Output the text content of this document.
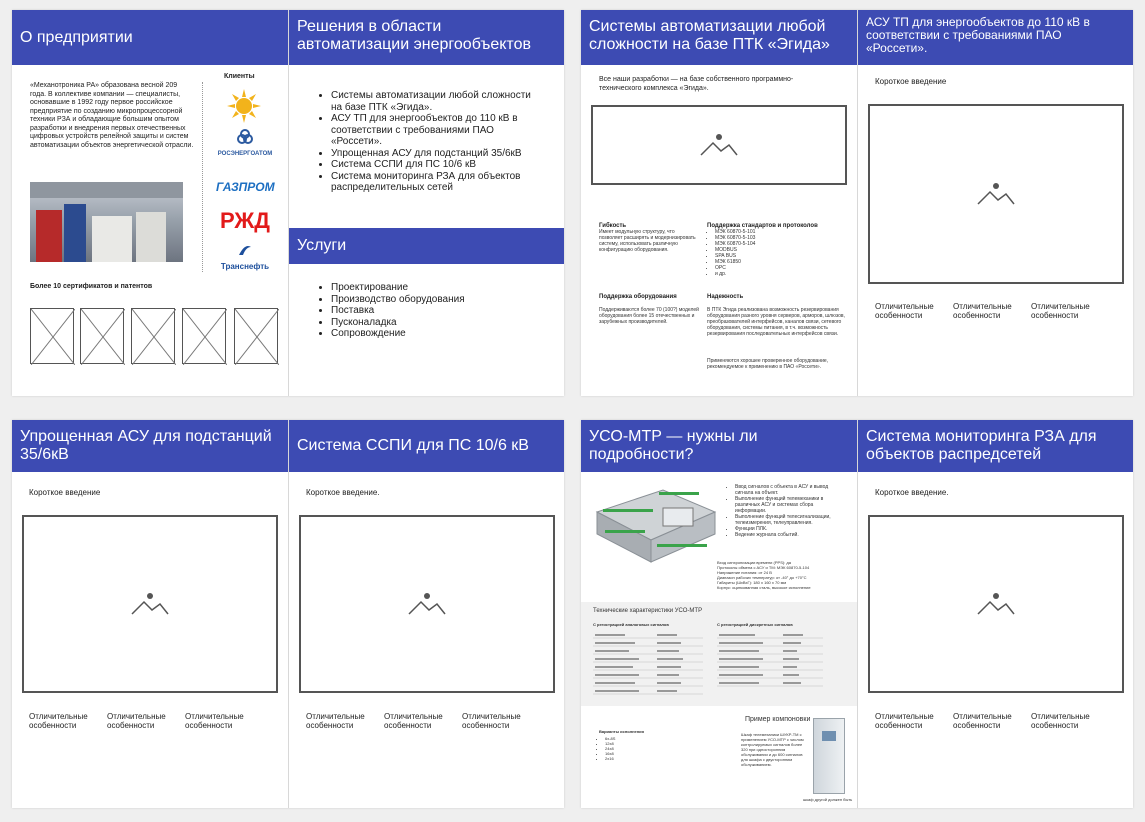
О предприятии
«Механотроника РА» образована весной 209 года. В коллективе компании — специалисты, основавшие в 1992 году первое российское предприятие по созданию микропроцессорной техники РЗА и обладающие большим опытом разработки и внедрения первых отечественных цифровых устройств релейной защиты и систем автоматизации объектов энергетической отрасли.
Клиенты
РОСЭНЕРГОАТОМ
ГАЗПРОМ
РЖД
Транснефть
Более 10 сертификатов и патентов
Решения в области автоматизации энергообъектов
• Системы автоматизации любой сложности на базе ПТК «Эгида».
• АСУ ТП для энергообъектов до 110 кВ в соответствии с требованиями ПАО «Россети».
• Упрощенная АСУ для подстанций 35/6кВ
• Система ССПИ для ПС 10/6 кВ
• Система мониторинга РЗА для объектов распределительных сетей
Услуги
• Проектирование
• Производство оборудования
• Поставка
• Пусконаладка
• Сопровождение
Системы автоматизации любой сложности на базе ПТК «Эгида»
Все наши разработки — на базе собственного программно-технического комплекса «Эгида».
Гибкость
Имеет модульную структуру, что позволяет расширять и модернизировать систему, использовать различную конфигурацию оборудования.
Поддержка стандартов и протоколов
• МЭК 60870-5-101
• МЭК 60870-5-103
• МЭК 60870-5-104
• MODBUS
• SPA BUS
• МЭК 61850
• OPC
• и др.
Поддержка оборудования
Поддерживаются более 70 (100?) моделей оборудования более 15 отечественных и зарубежных производителей.
Надежность
В ПТК Эгида реализована возможность резервирования оборудования разного уровня серверов, арморов, шлюзов, преобразователей интерфейсов, каналов связи, сетевого оборудования, системы питания, в т.ч. возможность резервирования последовательных интерфейсов связи.
Применяются хорошее проверенное оборудование, рекомендуемое к применению в ПАО «Россети».
АСУ ТП для энергообъектов до 110 кВ в соответствии с требованиями ПАО «Россети».
Короткое введение
Отличительные особенности
Отличительные особенности
Отличительные особенности
Упрощенная АСУ для подстанций 35/6кВ
Короткое введение
Отличительные особенности
Отличительные особенности
Отличительные особенности
Система ССПИ для ПС 10/6 кВ
Короткое введение.
Отличительные особенности
Отличительные особенности
Отличительные особенности
УСО-МТР — нужны ли подробности?
• Ввод сигналов с объекта в АСУ и вывод сигнала на объект.
• Выполнение функций телемеханики в различных АСУ и системах сбора информации.
• Выполнение функций телесигнализации, телеизмерения, телеуправления.
• Функции ПЛК.
• Ведение журнала событий.
Вход синхронизации времени (PPS): да
Протоколы обмена с АСУ и ТМ: МЭК 60870-5-104
Напряжение питания: от 24 В
Диапазон рабочих температур: от -40° до +70°C
Габариты (ШхВхГ): 180 x 160 x 70 мм
Корпус: оцинкованная сталь, высокое исполнение
Технические характеристики УСО-МТР
С регистрацией аналоговых сигналов	С регистрацией дискретных сигналов
Варианты исполнения
• 6x-8S
• 12x8
• 24x8
• 16x8
• 2x16
Пример компоновки
Шкаф телемеханики ШУКР-ТМ с применением УСО-МТР с числом контролируемых сигналов более 320 при односторонним обслуживании и до 600 сигналов для шкафа с двусторонним обслуживанием.
шкаф другой должен быть
Система мониторинга РЗА для объектов распредсетей
Короткое введение.
Отличительные особенности
Отличительные особенности
Отличительные особенности
